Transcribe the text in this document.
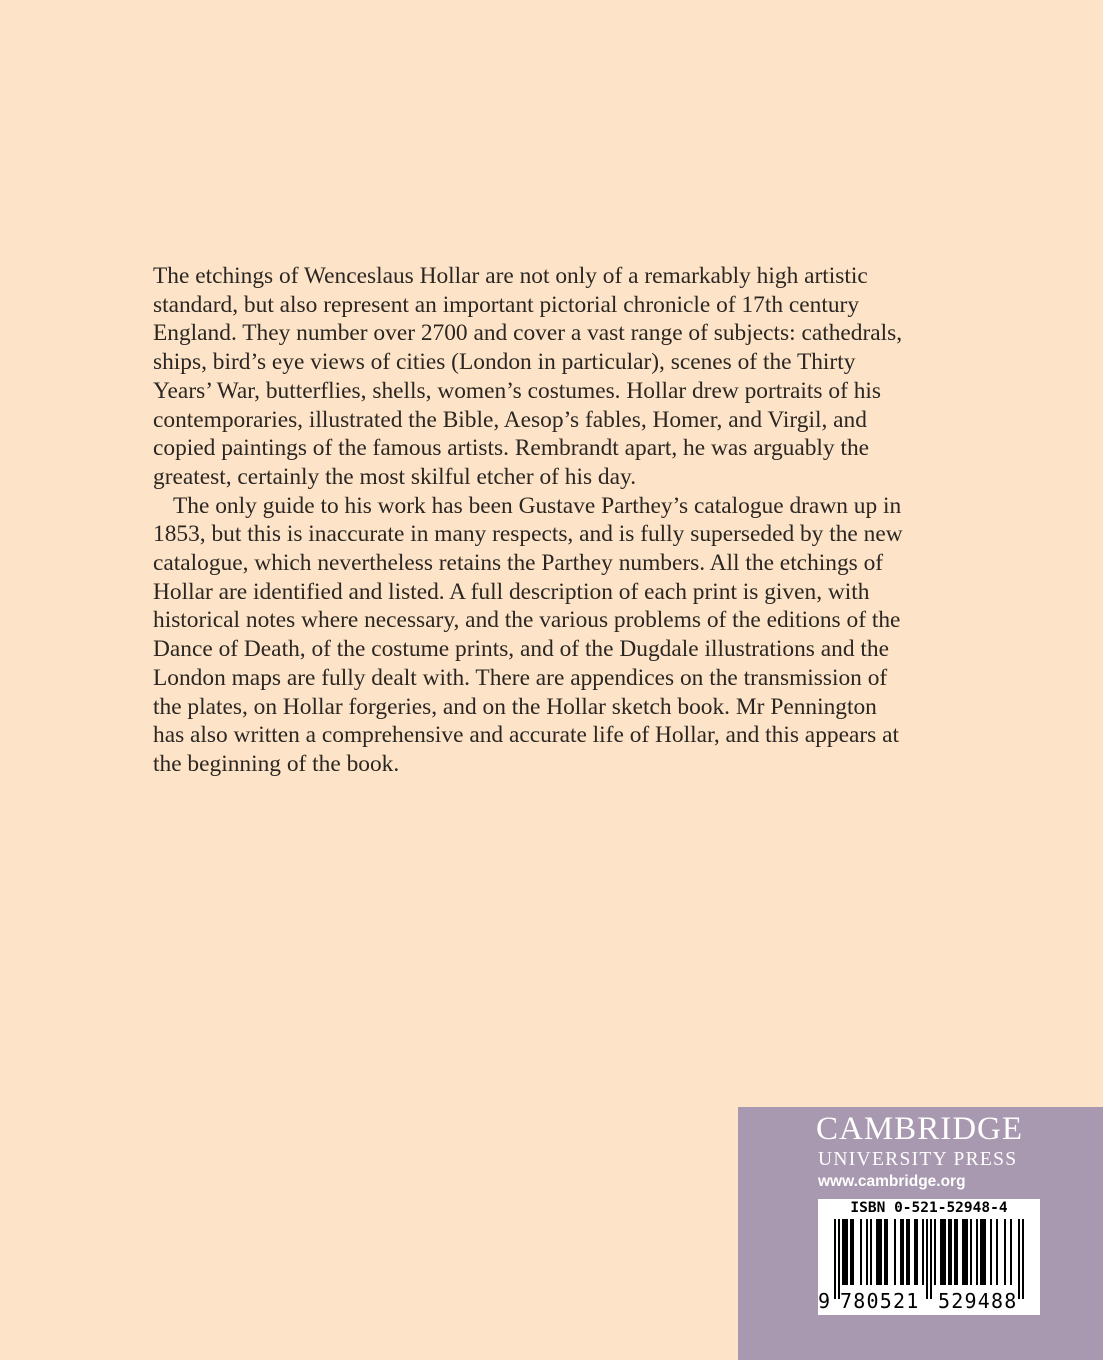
The etchings of Wenceslaus Hollar are not only of a remarkably high artistic standard, but also represent an important pictorial chronicle of 17th century England. They number over 2700 and cover a vast range of subjects: cathedrals, ships, bird’s eye views of cities (London in particular), scenes of the Thirty Years’ War, butterflies, shells, women’s costumes. Hollar drew portraits of his contemporaries, illustrated the Bible, Aesop’s fables, Homer, and Virgil, and copied paintings of the famous artists. Rembrandt apart, he was arguably the greatest, certainly the most skilful etcher of his day.

The only guide to his work has been Gustave Parthey’s catalogue drawn up in 1853, but this is inaccurate in many respects, and is fully superseded by the new catalogue, which nevertheless retains the Parthey numbers. All the etchings of Hollar are identified and listed. A full description of each print is given, with historical notes where necessary, and the various problems of the editions of the Dance of Death, of the costume prints, and of the Dugdale illustrations and the London maps are fully dealt with. There are appendices on the transmission of the plates, on Hollar forgeries, and on the Hollar sketch book. Mr Pennington has also written a comprehensive and accurate life of Hollar, and this appears at the beginning of the book.

CAMBRIDGE
UNIVERSITY PRESS
www.cambridge.org
ISBN 0-521-52948-4
9 780521 529488
